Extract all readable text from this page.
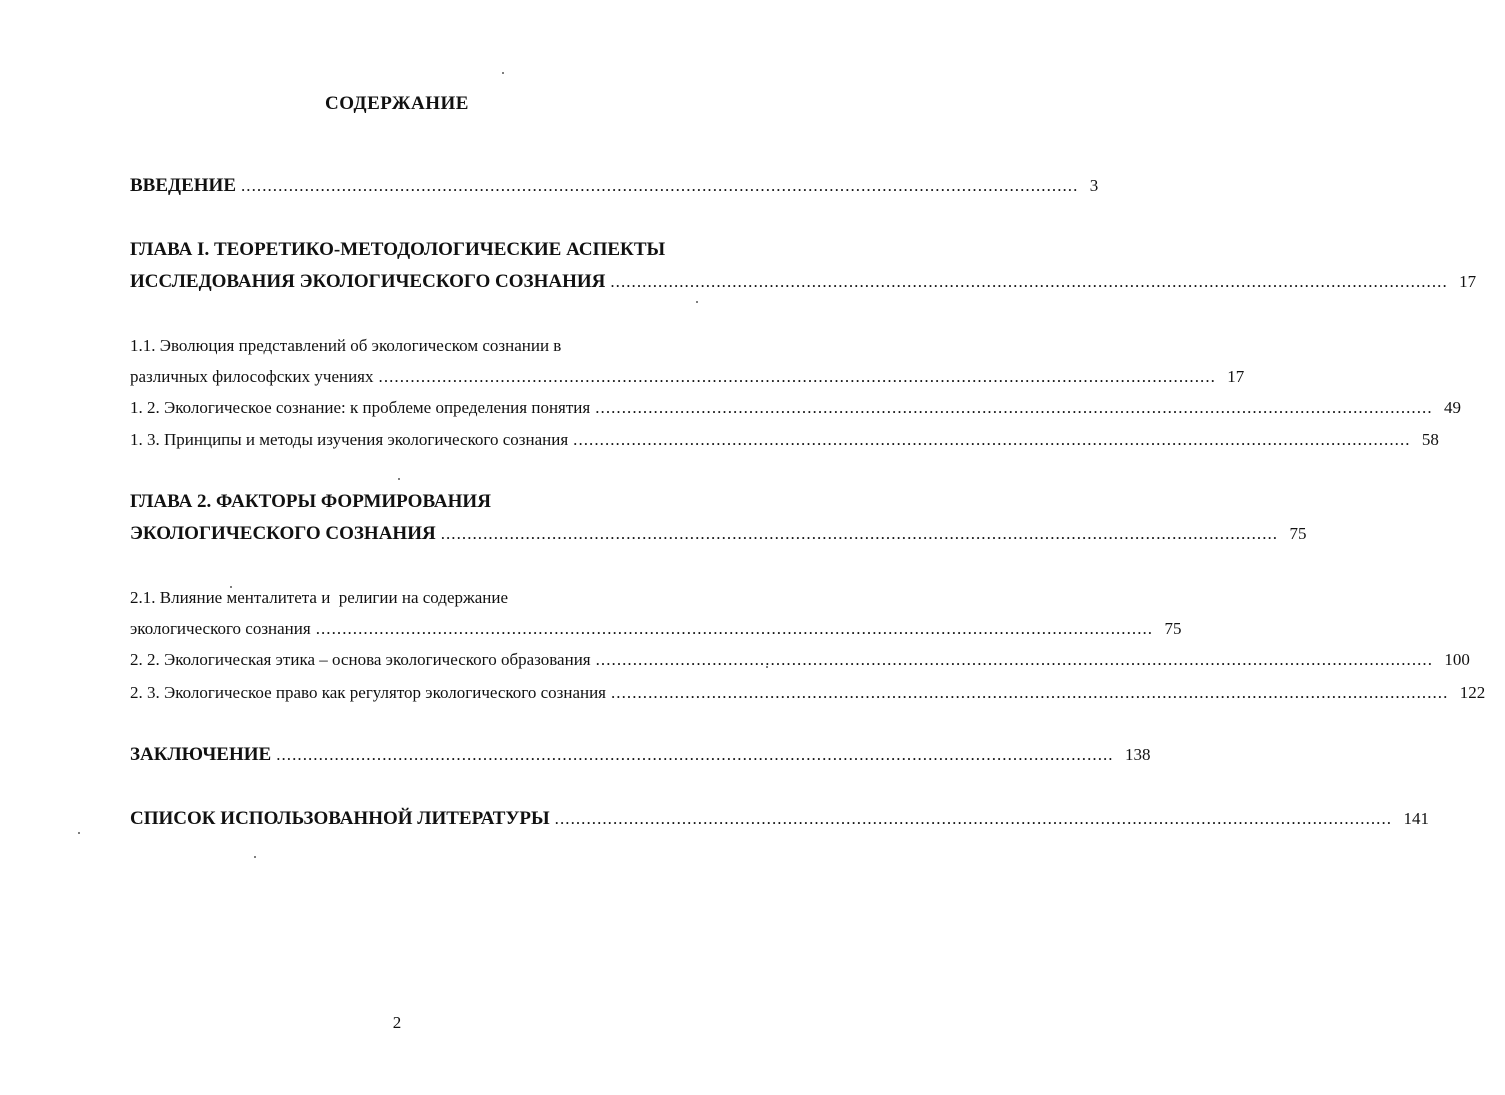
СОДЕРЖАНИЕ
ВВЕДЕНИЕ . . .	3
ГЛАВА I. ТЕОРЕТИКО-МЕТОДОЛОГИЧЕСКИЕ АСПЕКТЫ
ИССЛЕДОВАНИЯ ЭКОЛОГИЧЕСКОГО СОЗНАНИЯ . . .	17
1.1. Эволюция представлений об экологическом сознании в
различных философских учениях . . .	17
1. 2. Экологическое сознание: к проблеме определения понятия . . .	49
1. 3. Принципы и методы изучения экологического сознания . . .	58
ГЛАВА 2. ФАКТОРЫ ФОРМИРОВАНИЯ
ЭКОЛОГИЧЕСКОГО СОЗНАНИЯ . . .	75
2.1. Влияние менталитета и  религии на содержание
экологического сознания . . .	75
2. 2. Экологическая этика – основа экологического образования . . .	100
2. 3. Экологическое право как регулятор экологического сознания . . .	122
ЗАКЛЮЧЕНИЕ . . .	138
СПИСОК ИСПОЛЬЗОВАННОЙ ЛИТЕРАТУРЫ . . .	141
2
